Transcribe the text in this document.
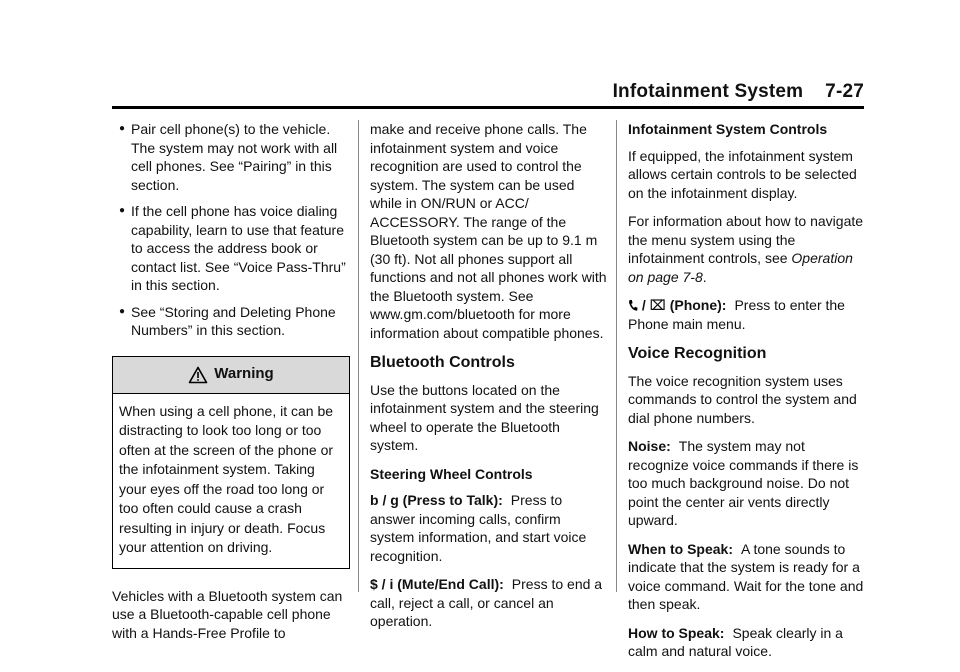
Infotainment System 7-27
● Pair cell phone(s) to the vehicle. The system may not work with all cell phones. See “Pairing” in this section.
● If the cell phone has voice dialing capability, learn to use that feature to access the address book or contact list. See “Voice Pass-Thru” in this section.
● See “Storing and Deleting Phone Numbers” in this section.
Warning
When using a cell phone, it can be distracting to look too long or too often at the screen of the phone or the infotainment system. Taking your eyes off the road too long or too often could cause a crash resulting in injury or death. Focus your attention on driving.

Vehicles with a Bluetooth system can use a Bluetooth-capable cell phone with a Hands-Free Profile to

make and receive phone calls. The infotainment system and voice recognition are used to control the system. The system can be used while in ON/RUN or ACC/ ACCESSORY. The range of the Bluetooth system can be up to 9.1 m (30 ft). Not all phones support all functions and not all phones work with the Bluetooth system. See www.gm.com/bluetooth for more information about compatible phones.

Bluetooth Controls

Use the buttons located on the infotainment system and the steering wheel to operate the Bluetooth system.

Steering Wheel Controls

b / g (Press to Talk): Press to answer incoming calls, confirm system information, and start voice recognition.

$ / i (Mute/End Call): Press to end a call, reject a call, or cancel an operation.

Infotainment System Controls

If equipped, the infotainment system allows certain controls to be selected on the infotainment display.

For information about how to navigate the menu system using the infotainment controls, see Operation on page 7-8.

/ ⌧ (Phone): Press to enter the Phone main menu.

Voice Recognition

The voice recognition system uses commands to control the system and dial phone numbers.

Noise: The system may not recognize voice commands if there is too much background noise. Do not point the center air vents directly upward.

When to Speak: A tone sounds to indicate that the system is ready for a voice command. Wait for the tone and then speak.

How to Speak: Speak clearly in a calm and natural voice.
